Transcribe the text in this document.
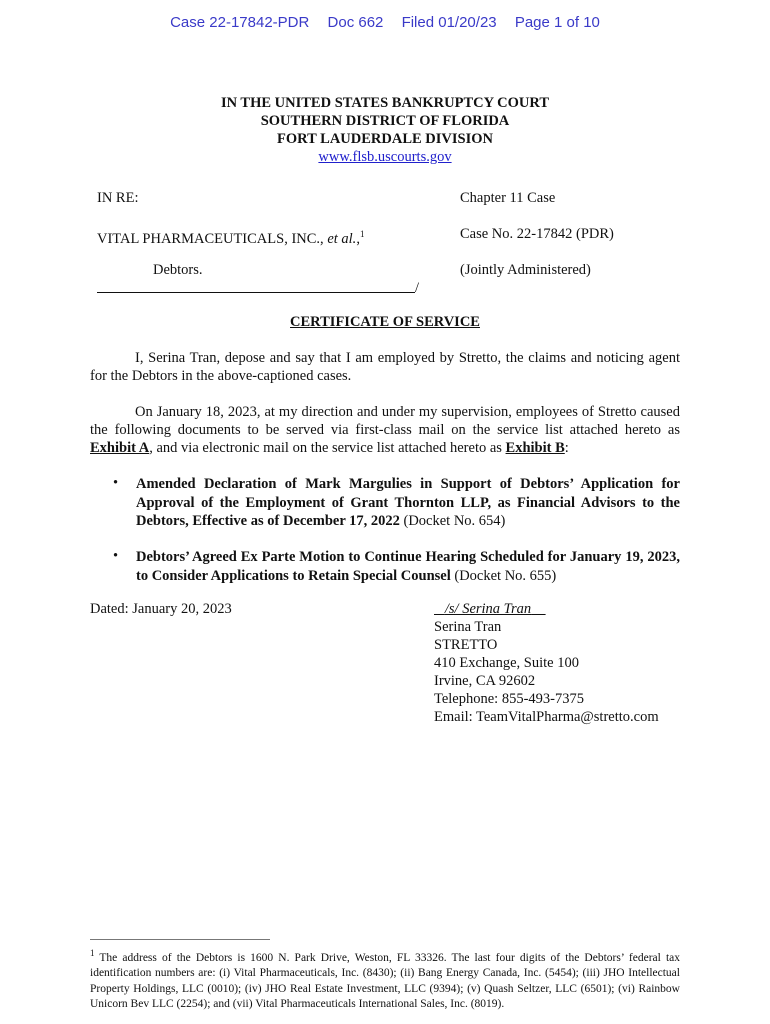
Case 22-17842-PDR Doc 662 Filed 01/20/23 Page 1 of 10
IN THE UNITED STATES BANKRUPTCY COURT
SOUTHERN DISTRICT OF FLORIDA
FORT LAUDERDALE DIVISION
www.flsb.uscourts.gov
IN RE:
VITAL PHARMACEUTICALS, INC., et al.,$^1$
Debtors.
/
Chapter 11 Case
Case No. 22-17842 (PDR)
(Jointly Administered)
CERTIFICATE OF SERVICE
I, Serina Tran, depose and say that I am employed by Stretto, the claims and noticing agent for the Debtors in the above-captioned cases.
On January 18, 2023, at my direction and under my supervision, employees of Stretto caused the following documents to be served via first-class mail on the service list attached hereto as Exhibit A, and via electronic mail on the service list attached hereto as Exhibit B:
• Amended Declaration of Mark Margulies in Support of Debtors’ Application for Approval of the Employment of Grant Thornton LLP, as Financial Advisors to the Debtors, Effective as of December 17, 2022 (Docket No. 654)
• Debtors’ Agreed Ex Parte Motion to Continue Hearing Scheduled for January 19, 2023, to Consider Applications to Retain Special Counsel (Docket No. 655)
Dated: January 20, 2023	/s/ Serina Tran
Serina Tran
STRETTO
410 Exchange, Suite 100
Irvine, CA 92602
Telephone: 855-493-7375
Email: TeamVitalPharma@stretto.com
$^1$ The address of the Debtors is 1600 N. Park Drive, Weston, FL 33326. The last four digits of the Debtors’ federal tax identification numbers are: (i) Vital Pharmaceuticals, Inc. (8430); (ii) Bang Energy Canada, Inc. (5454); (iii) JHO Intellectual Property Holdings, LLC (0010); (iv) JHO Real Estate Investment, LLC (9394); (v) Quash Seltzer, LLC (6501); (vi) Rainbow Unicorn Bev LLC (2254); and (vii) Vital Pharmaceuticals International Sales, Inc. (8019).
